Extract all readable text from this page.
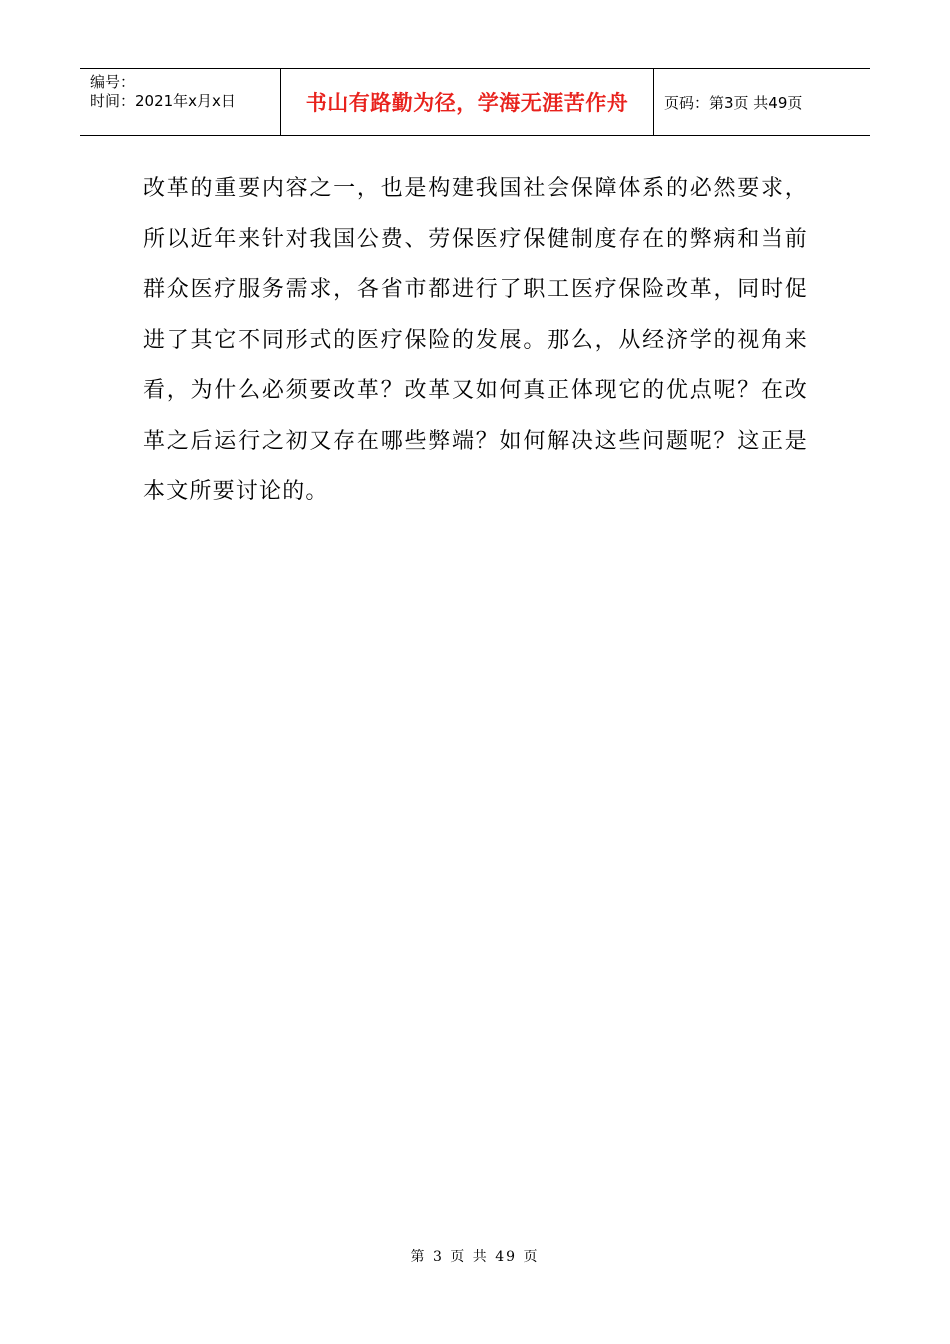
编号：
时间：2021年x月x日	书山有路勤为径，学海无涯苦作舟 页码：第3页 共49页

改革的重要内容之一，也是构建我国社会保障体系的必然要求，所以近年来针对我国公费、劳保医疗保健制度存在的弊病和当前群众医疗服务需求，各省市都进行了职工医疗保险改革，同时促进了其它不同形式的医疗保险的发展。那么，从经济学的视角来看，为什么必须要改革？改革又如何真正体现它的优点呢？在改革之后运行之初又存在哪些弊端？如何解决这些问题呢？这正是本文所要讨论的。

第 3 页 共 49 页
